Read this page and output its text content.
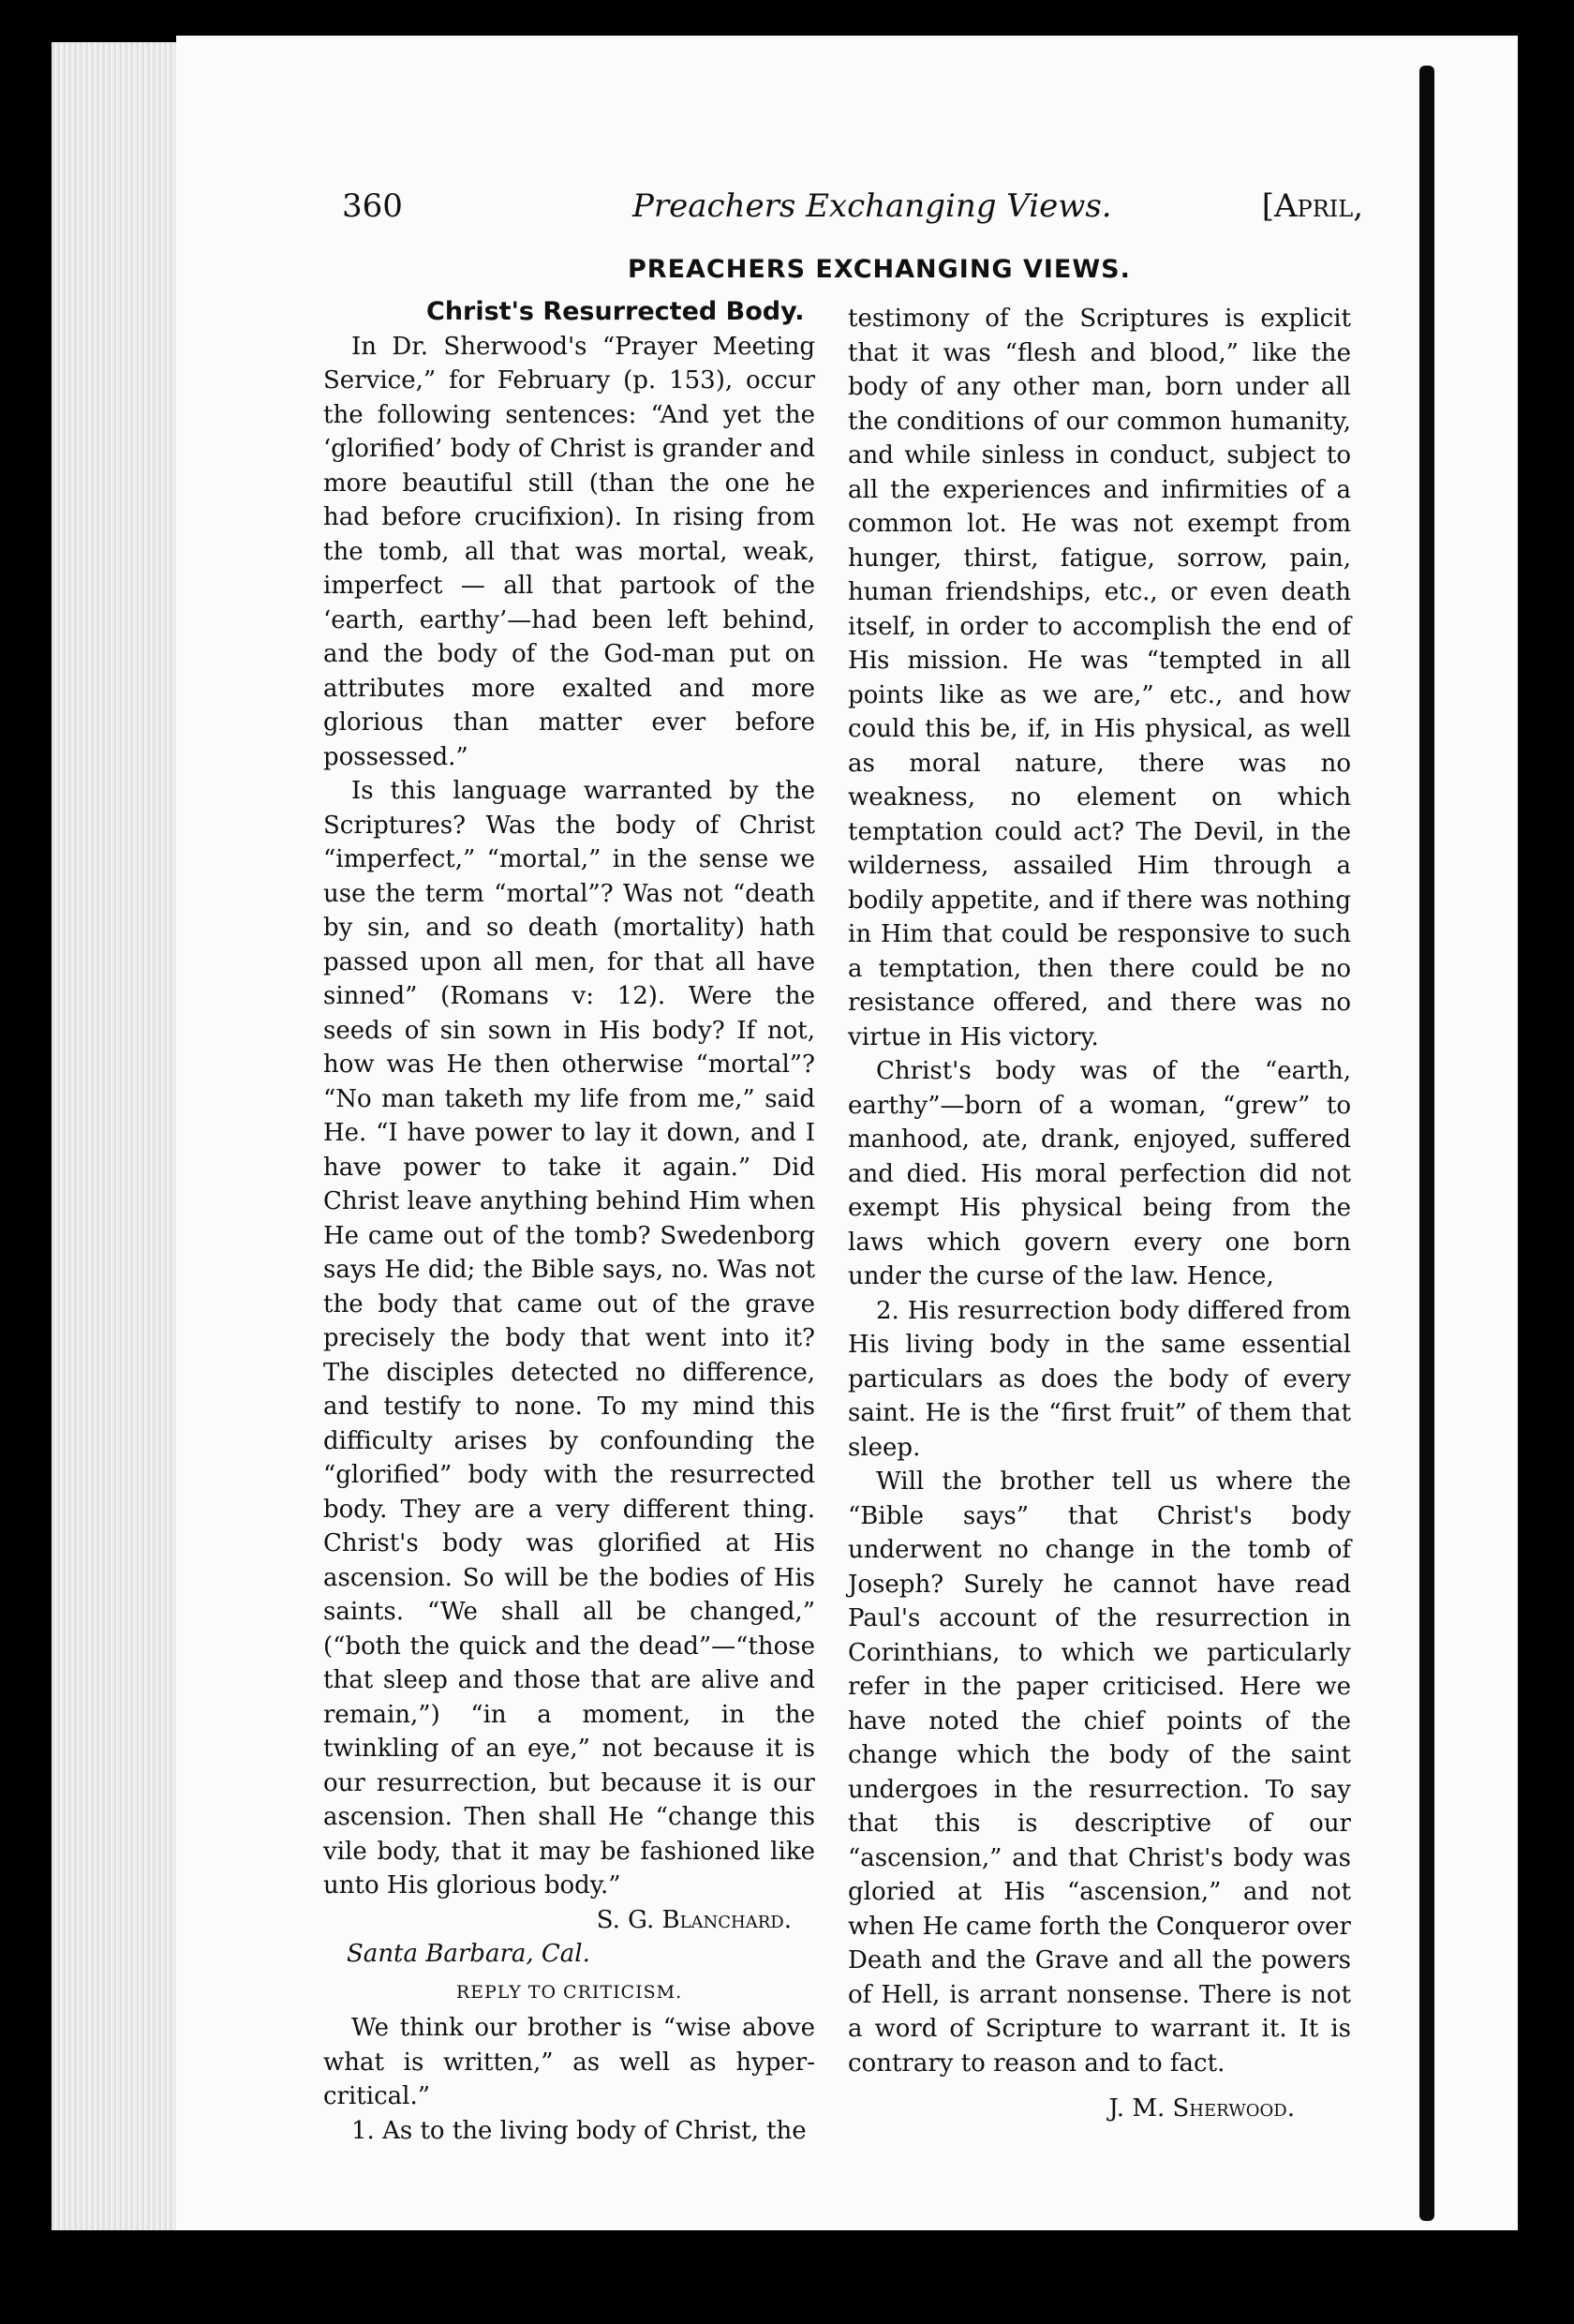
360	Preachers Exchanging Views.	[April,
PREACHERS EXCHANGING VIEWS.
Christ's Resurrected Body.

In Dr. Sherwood's “Prayer Meeting Service,” for February (p. 153), occur the following sentences: “And yet the ‘glorified’ body of Christ is grander and more beautiful still (than the one he had before crucifixion). In rising from the tomb, all that was mortal, weak, imperfect — all that partook of the ‘earth, earthy’—had been left behind, and the body of the God-man put on attributes more exalted and more glorious than matter ever before possessed.”

Is this language warranted by the Scriptures? Was the body of Christ “imperfect,” “mortal,” in the sense we use the term “mortal”? Was not “death by sin, and so death (mortality) hath passed upon all men, for that all have sinned” (Romans v: 12). Were the seeds of sin sown in His body? If not, how was He then otherwise “mortal”? “No man taketh my life from me,” said He. “I have power to lay it down, and I have power to take it again.” Did Christ leave anything behind Him when He came out of the tomb? Swedenborg says He did; the Bible says, no. Was not the body that came out of the grave precisely the body that went into it? The disciples detected no difference, and testify to none. To my mind this difficulty arises by confounding the “glorified” body with the resurrected body. They are a very different thing. Christ's body was glorified at His ascension. So will be the bodies of His saints. “We shall all be changed,” (“both the quick and the dead”—“those that sleep and those that are alive and remain,”) “in a moment, in the twinkling of an eye,” not because it is our resurrection, but because it is our ascension. Then shall He “change this vile body, that it may be fashioned like unto His glorious body.”

S. G. Blanchard.
Santa Barbara, Cal.
REPLY TO CRITICISM.

We think our brother is “wise above what is written,” as well as hyper-critical.”

1. As to the living body of Christ, the

testimony of the Scriptures is explicit that it was “flesh and blood,” like the body of any other man, born under all the conditions of our common humanity, and while sinless in conduct, subject to all the experiences and infirmities of a common lot. He was not exempt from hunger, thirst, fatigue, sorrow, pain, human friendships, etc., or even death itself, in order to accomplish the end of His mission. He was “tempted in all points like as we are,” etc., and how could this be, if, in His physical, as well as moral nature, there was no weakness, no element on which temptation could act? The Devil, in the wilderness, assailed Him through a bodily appetite, and if there was nothing in Him that could be responsive to such a temptation, then there could be no resistance offered, and there was no virtue in His victory.

Christ's body was of the “earth, earthy”—born of a woman, “grew” to manhood, ate, drank, enjoyed, suffered and died. His moral perfection did not exempt His physical being from the laws which govern every one born under the curse of the law. Hence,

2. His resurrection body differed from His living body in the same essential particulars as does the body of every saint. He is the “first fruit” of them that sleep.

Will the brother tell us where the “Bible says” that Christ's body underwent no change in the tomb of Joseph? Surely he cannot have read Paul's account of the resurrection in Corinthians, to which we particularly refer in the paper criticised. Here we have noted the chief points of the change which the body of the saint undergoes in the resurrection. To say that this is descriptive of our “ascension,” and that Christ's body was gloried at His “ascension,” and not when He came forth the Conqueror over Death and the Grave and all the powers of Hell, is arrant nonsense. There is not a word of Scripture to warrant it. It is contrary to reason and to fact.

J. M. Sherwood.
